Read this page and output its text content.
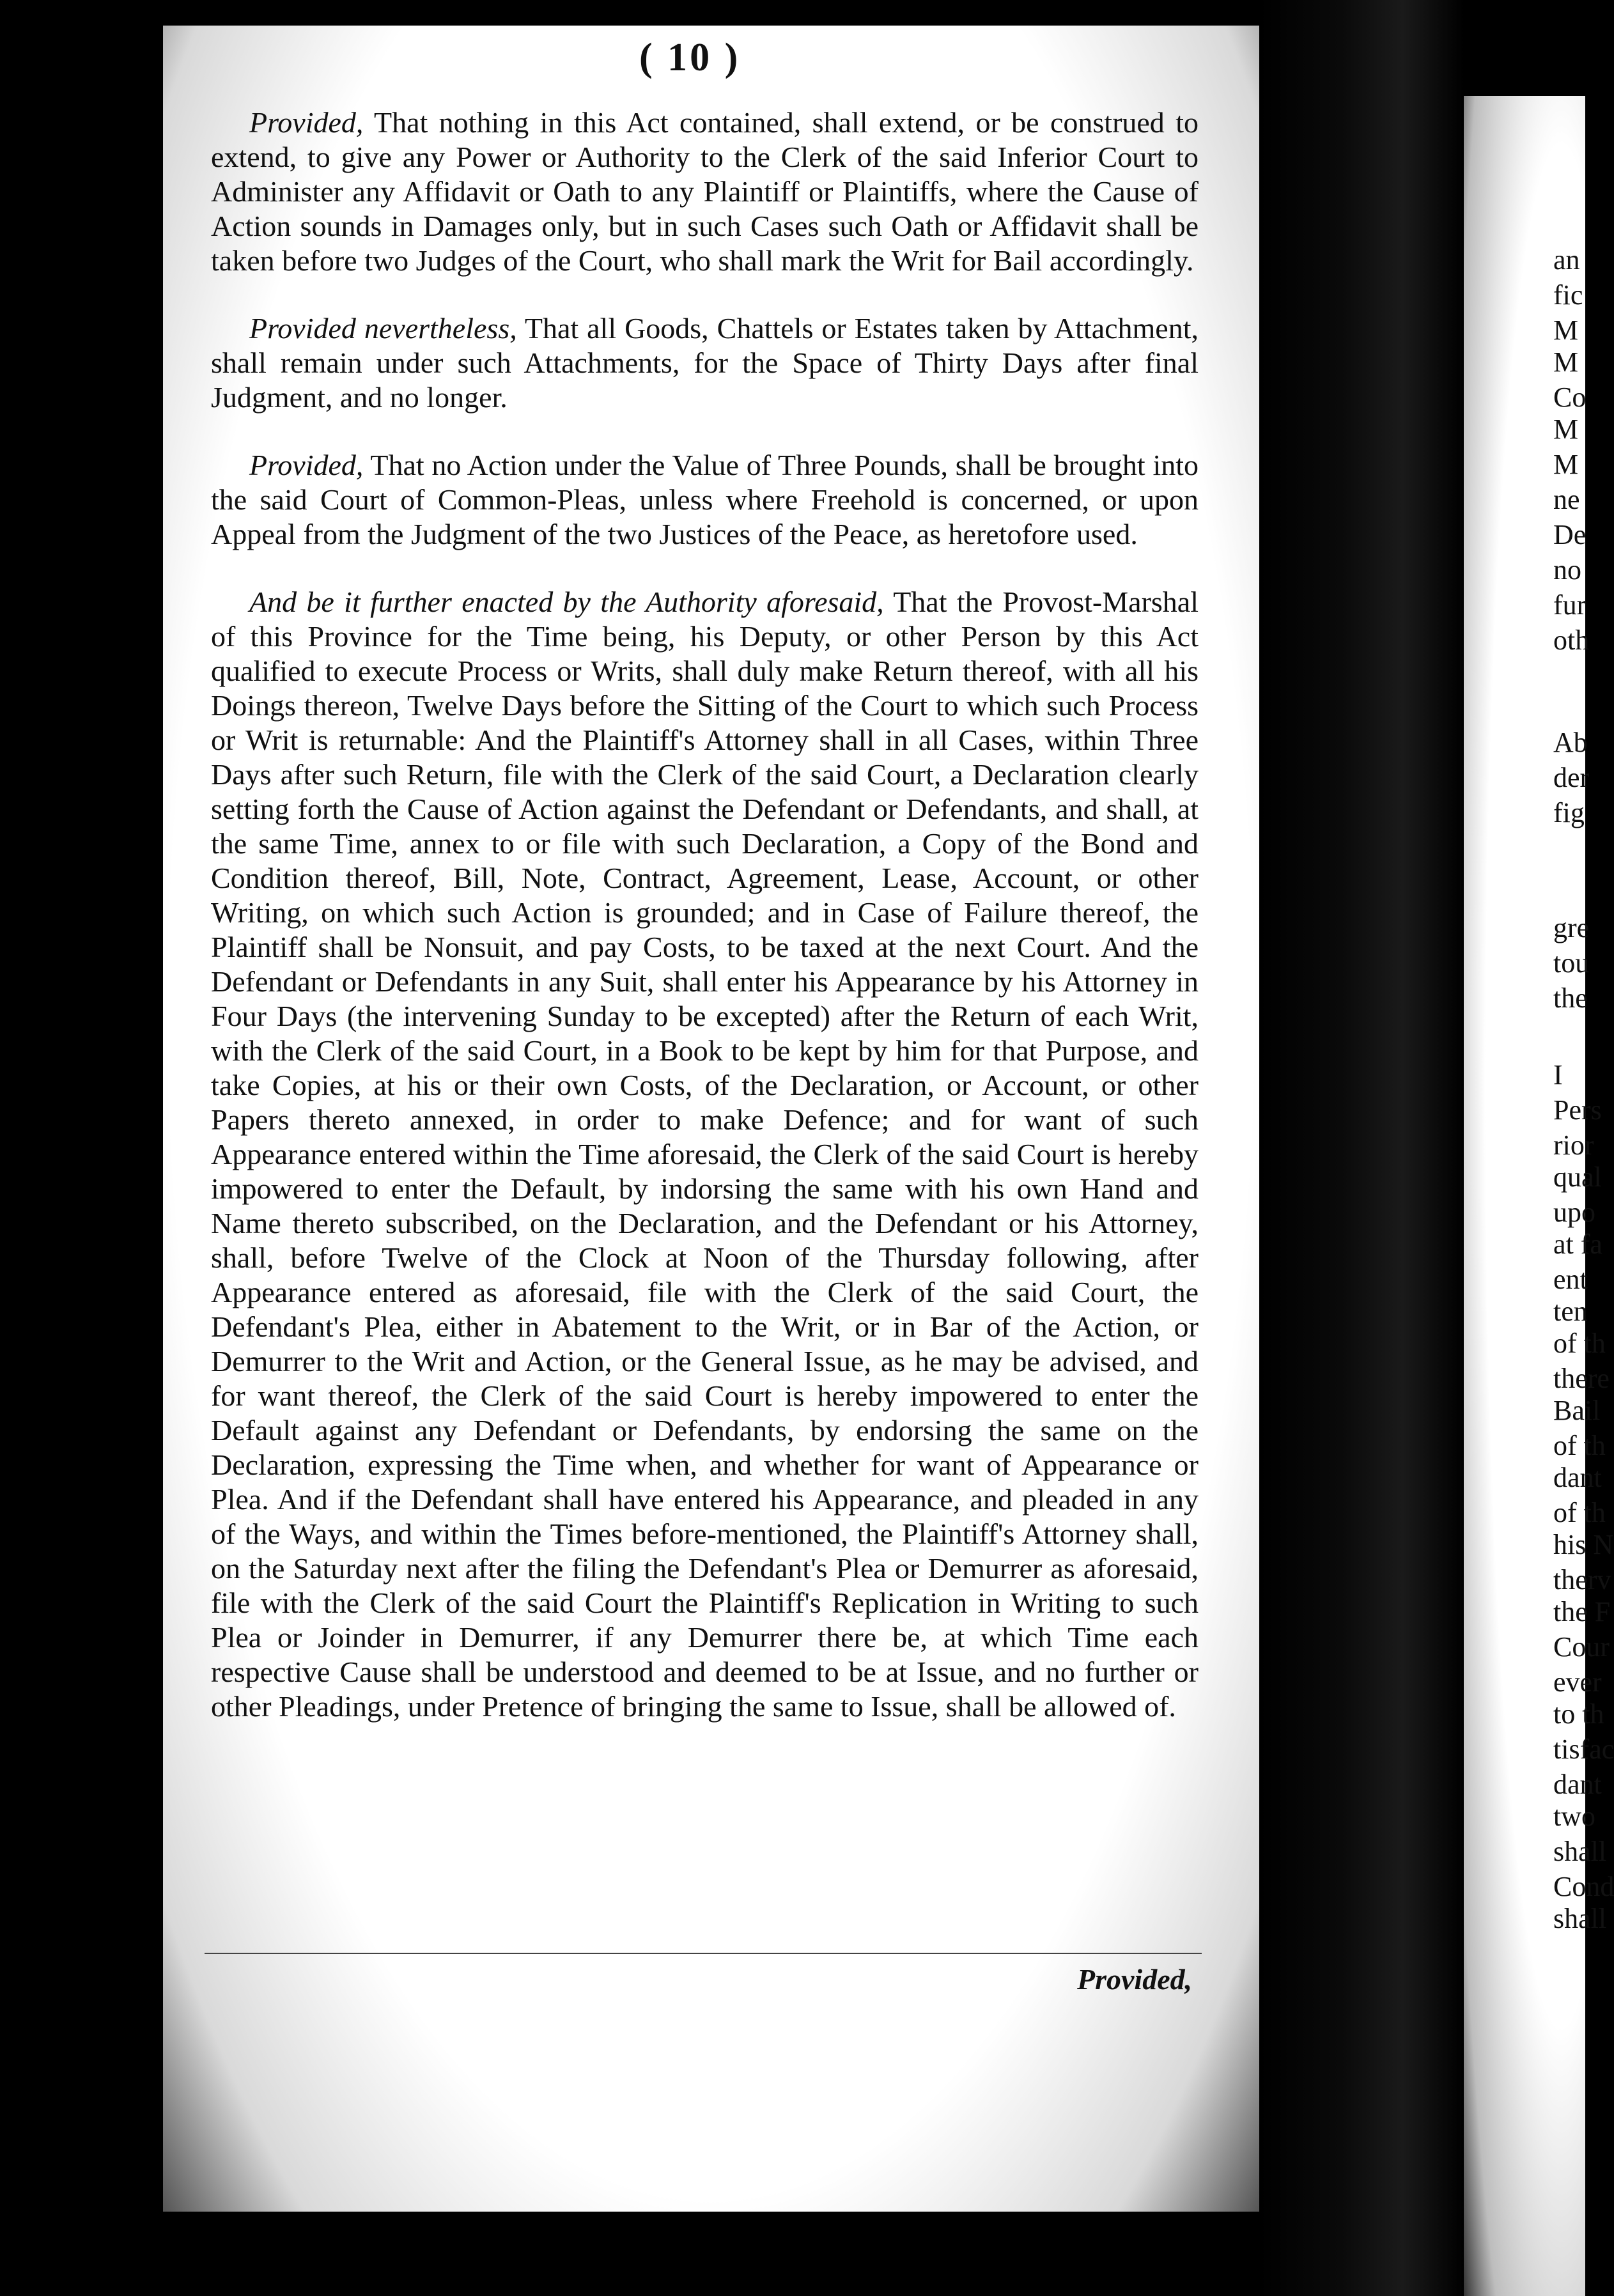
an
fic
M
M
Co
M
M
ne
De
no
fur
oth
Ab
der
fig
gre
tou
the
I
Pers
rior
qual
upo
at fa
ent
ten
of th
there
Bail
of th
dant
of th
his N
therv
the F
Cour
ever
to th
tisfac
dant
two
shall
Cond
shall
( 10 )

Provided, That nothing in this Act contained, shall extend, or be construed to extend, to give any Power or Authority to the Clerk of the said Inferior Court to Administer any Affidavit or Oath to any Plaintiff or Plaintiffs, where the Cause of Action sounds in Damages only, but in such Cases such Oath or Affidavit shall be taken before two Judges of the Court, who shall mark the Writ for Bail accordingly.

Provided nevertheless, That all Goods, Chattels or Estates taken by Attachment, shall remain under such Attachments, for the Space of Thirty Days after final Judgment, and no longer.

Provided, That no Action under the Value of Three Pounds, shall be brought into the said Court of Common-Pleas, unless where Freehold is concerned, or upon Appeal from the Judgment of the two Justices of the Peace, as heretofore used.

And be it further enacted by the Authority aforesaid, That the Provost-Marshal of this Province for the Time being, his Deputy, or other Person by this Act qualified to execute Process or Writs, shall duly make Return thereof, with all his Doings thereon, Twelve Days before the Sitting of the Court to which such Process or Writ is returnable: And the Plaintiff's Attorney shall in all Cases, within Three Days after such Return, file with the Clerk of the said Court, a Declaration clearly setting forth the Cause of Action against the Defendant or Defendants, and shall, at the same Time, annex to or file with such Declaration, a Copy of the Bond and Condition thereof, Bill, Note, Contract, Agreement, Lease, Account, or other Writing, on which such Action is grounded; and in Case of Failure thereof, the Plaintiff shall be Nonsuit, and pay Costs, to be taxed at the next Court. And the Defendant or Defendants in any Suit, shall enter his Appearance by his Attorney in Four Days (the intervening Sunday to be excepted) after the Return of each Writ, with the Clerk of the said Court, in a Book to be kept by him for that Purpose, and take Copies, at his or their own Costs, of the Declaration, or Account, or other Papers thereto annexed, in order to make Defence; and for want of such Appearance entered within the Time aforesaid, the Clerk of the said Court is hereby impowered to enter the Default, by indorsing the same with his own Hand and Name thereto subscribed, on the Declaration, and the Defendant or his Attorney, shall, before Twelve of the Clock at Noon of the Thursday following, after Appearance entered as aforesaid, file with the Clerk of the said Court, the Defendant's Plea, either in Abatement to the Writ, or in Bar of the Action, or Demurrer to the Writ and Action, or the General Issue, as he may be advised, and for want thereof, the Clerk of the said Court is hereby impowered to enter the Default against any Defendant or Defendants, by endorsing the same on the Declaration, expressing the Time when, and whether for want of Appearance or Plea. And if the Defendant shall have entered his Appearance, and pleaded in any of the Ways, and within the Times before-mentioned, the Plaintiff's Attorney shall, on the Saturday next after the filing the Defendant's Plea or Demurrer as aforesaid, file with the Clerk of the said Court the Plaintiff's Replication in Writing to such Plea or Joinder in Demurrer, if any Demurrer there be, at which Time each respective Cause shall be understood and deemed to be at Issue, and no further or other Pleadings, under Pretence of bringing the same to Issue, shall be allowed of.

Provided,
